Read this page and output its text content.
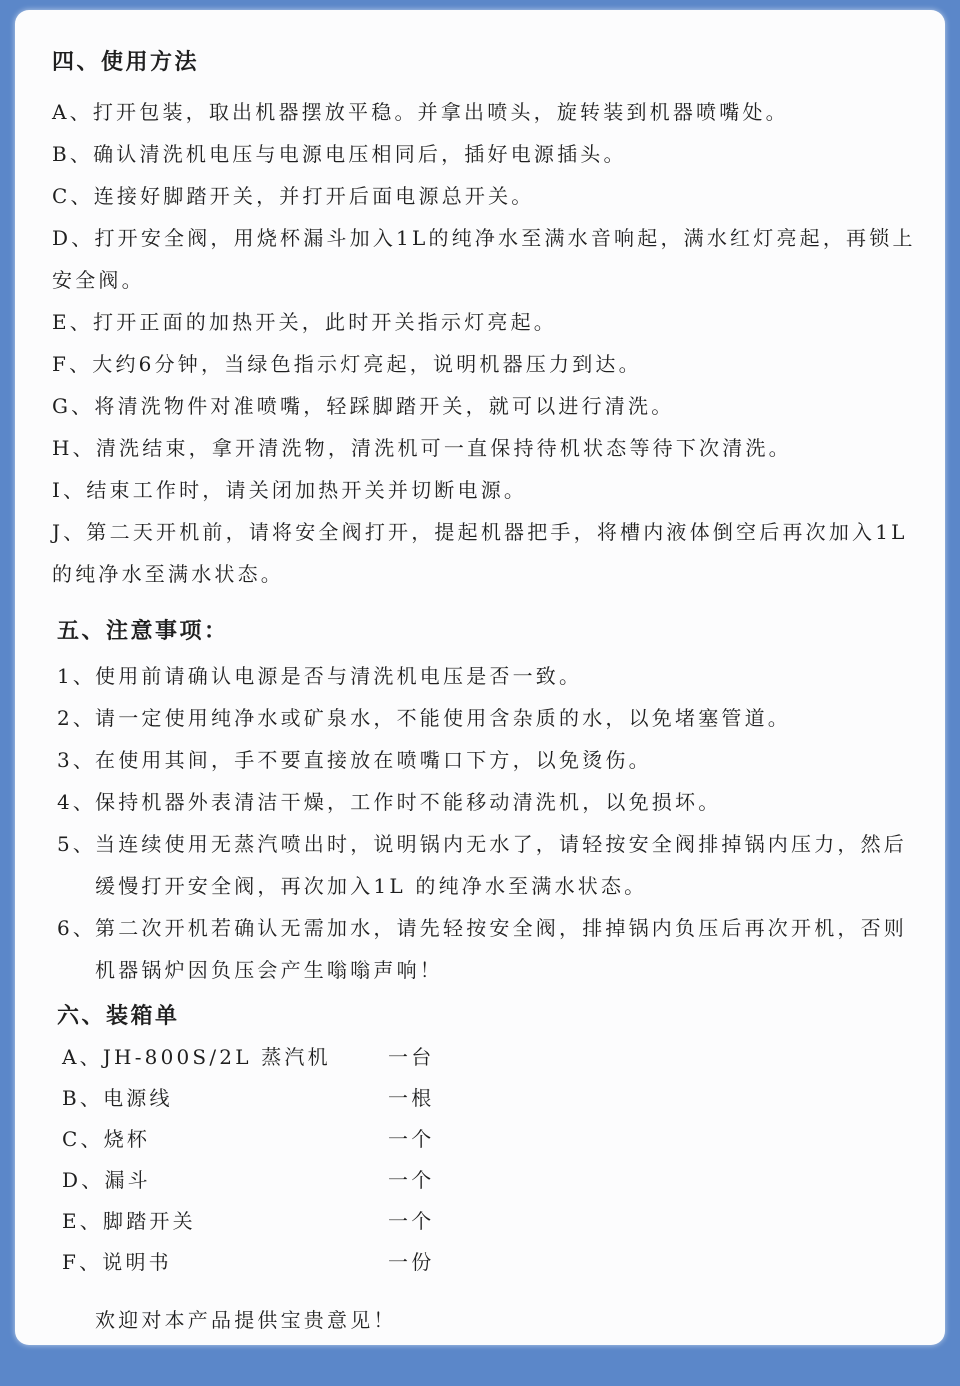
四、使用方法
A、打开包装，取出机器摆放平稳。并拿出喷头，旋转装到机器喷嘴处。
B、确认清洗机电压与电源电压相同后，插好电源插头。
C、连接好脚踏开关，并打开后面电源总开关。
D、打开安全阀，用烧杯漏斗加入1L的纯净水至满水音响起，满水红灯亮起，再锁上
安全阀。
E、打开正面的加热开关，此时开关指示灯亮起。
F、大约6分钟，当绿色指示灯亮起，说明机器压力到达。
G、将清洗物件对准喷嘴，轻踩脚踏开关，就可以进行清洗。
H、清洗结束，拿开清洗物，清洗机可一直保持待机状态等待下次清洗。
I、结束工作时，请关闭加热开关并切断电源。
J、第二天开机前，请将安全阀打开，提起机器把手，将槽内液体倒空后再次加入1L
的纯净水至满水状态。
五、注意事项：
1、
使用前请确认电源是否与清洗机电压是否一致。
2、
请一定使用纯净水或矿泉水，不能使用含杂质的水，以免堵塞管道。
3、
在使用其间，手不要直接放在喷嘴口下方，以免烫伤。
4、
保持机器外表清洁干燥，工作时不能移动清洗机，以免损坏。
5、
当连续使用无蒸汽喷出时，说明锅内无水了，请轻按安全阀排掉锅内压力，然后
缓慢打开安全阀，再次加入1L 的纯净水至满水状态。
6、
第二次开机若确认无需加水，请先轻按安全阀，排掉锅内负压后再次开机，否则
机器锅炉因负压会产生嗡嗡声响！
六、装箱单
A、JH-800S/2L 蒸汽机	一台
B、电源线	一根
C、烧杯	一个
D、漏斗	一个
E、脚踏开关	一个
F、说明书	一份
欢迎对本产品提供宝贵意见！
